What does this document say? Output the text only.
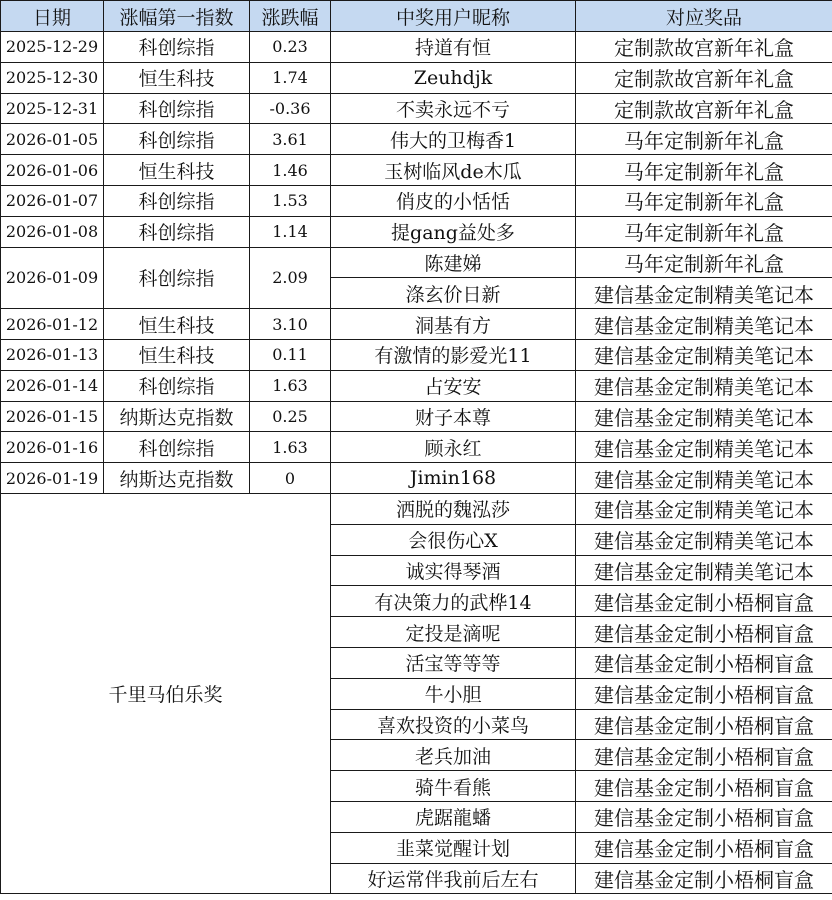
日期	涨幅第一指数	涨跌幅	中奖用户昵称	对应奖品
2025-12-29	科创综指	0.23	持道有恒	定制款故宫新年礼盒
2025-12-30	恒生科技	1.74	Zeuhdjk	定制款故宫新年礼盒
2025-12-31	科创综指	-0.36	不卖永远不亏	定制款故宫新年礼盒
2026-01-05	科创综指	3.61	伟大的卫梅香1	马年定制新年礼盒
2026-01-06	恒生科技	1.46	玉树临风de木瓜	马年定制新年礼盒
2026-01-07	科创综指	1.53	俏皮的小恬恬	马年定制新年礼盒
2026-01-08	科创综指	1.14	提gang益处多	马年定制新年礼盒
2026-01-09	科创综指	2.09	陈建娣	马年定制新年礼盒
			涤玄价日新	建信基金定制精美笔记本
2026-01-12	恒生科技	3.10	洞基有方	建信基金定制精美笔记本
2026-01-13	恒生科技	0.11	有激情的影爱光11	建信基金定制精美笔记本
2026-01-14	科创综指	1.63	占安安	建信基金定制精美笔记本
2026-01-15	纳斯达克指数	0.25	财子本尊	建信基金定制精美笔记本
2026-01-16	科创综指	1.63	顾永红	建信基金定制精美笔记本
2026-01-19	纳斯达克指数	0	Jimin168	建信基金定制精美笔记本
千里马伯乐奖			洒脱的魏泓莎	建信基金定制精美笔记本
			会很伤心X	建信基金定制精美笔记本
			诚实得琴酒	建信基金定制精美笔记本
			有决策力的武桦14	建信基金定制小梧桐盲盒
			定投是滴呢	建信基金定制小梧桐盲盒
			活宝等等等	建信基金定制小梧桐盲盒
			牛小胆	建信基金定制小梧桐盲盒
			喜欢投资的小菜鸟	建信基金定制小梧桐盲盒
			老兵加油	建信基金定制小梧桐盲盒
			骑牛看熊	建信基金定制小梧桐盲盒
			虎踞龍蟠	建信基金定制小梧桐盲盒
			韭菜觉醒计划	建信基金定制小梧桐盲盒
			好运常伴我前后左右	建信基金定制小梧桐盲盒
